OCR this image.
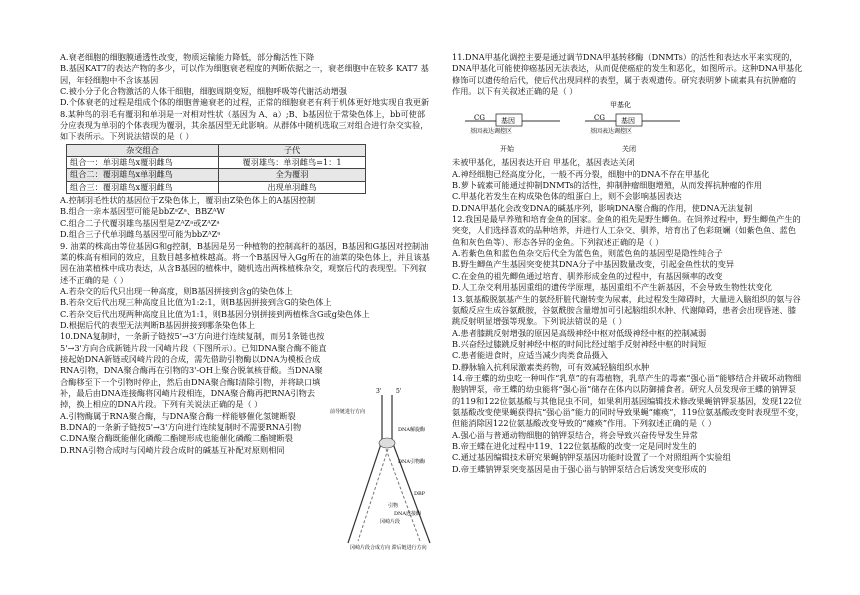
A.衰老细胞的细胞膜通透性改变，物质运输能力降低，部分酶活性下降

B.基因KAT7的表达产物的多少，可以作为细胞衰老程度的判断依据之一，衰老细胞中在较多 KAT7 基因，年轻细胞中不含该基因

C.被小分子化合物激活的人体干细胞，细胞周期变短，细胞呼吸等代谢活动增强

D.个体衰老的过程是组成个体的细胞普遍衰老的过程，正常的细胞衰老有利于机体更好地实现自我更新

8.某种鸟的羽毛有覆羽和单羽是一对相对性状（基因为 A、a）;B、b基因位于常染色体上，bb可使部分应表现为单羽的个体表现为覆羽，其余基因型无此影响。从群体中随机选取三对组合进行杂交实验，如下表所示。下列说法错误的是（ ）

杂交组合	子代
组合一：单羽雄鸟x覆羽雌鸟	覆羽雄鸟：单羽雌鸟=1：1
组合二：覆羽雄鸟x单羽雌鸟	全为覆羽
组合三：覆羽雄鸟x覆羽雌鸟	出现单羽雌鸟

A.控制羽毛性状的基因位于Z染色体上，覆羽由Z染色体上的A基因控制

B.组合一亲本基因型可能是bbZᵃZᵃ、BBZᴬW

C.组合二子代覆羽雄鸟基因型是ZᴬZᵃ或ZᴬZᵃ

D.组合三子代单羽雌鸟基因型可能为bbZᴬZᵃ

9. 油菜的株高由等位基因G和g控制，B基因是另一种植物的控制高秆的基因，B基因和G基因对控制油菜的株高有相同的效应，且数目越多植株越高。将一个B基因导入Gg所在的油菜的染色体上，并且该基因在油菜植株中成功表达，从含B基因的植株中，随机选出两株植株杂交，观察后代的表现型。下列叙述不正确的是（ ）

A.若杂交的后代只出现一种高度，则B基因拼接到含g的染色体上

B.若杂交后代出现三种高度且比值为1:2:1，则B基因拼接到含G的染色体上

C.若杂交后代出现两种高度且比值为1:1，则B基因分别拼接到两植株含G或g染色体上

D.根据后代的表型无法判断B基因拼接到哪条染色体上

10.DNA复制时，一条新子链按5'→3'方向进行连续复制，而另1条链也按5'→3'方向合成新链片段一冈崎片段（下图所示）。已知DNA聚合酶不能直接起始DNA新链或冈崎片段的合成，需先借助引物酶以DNA为模板合成RNA引物，DNA聚合酶再在引物的3'-OH上聚合脱氧核苷酸。当DNA聚合酶移至下一个引物时停止，然后由DNA聚合酶I清除引物，并将缺口填补，最后由DNA连接酶将冈崎片段相连，DNA聚合酶再把RNA引物去掉，换上相应的DNA片段。下列有关说法正确的是（ ）

A.引物酶属于RNA聚合酶，与DNA聚合酶一样能够催化氢键断裂

B.DNA的一条新子链按5'→3'方向进行连续复制时不需要RNA引物

C.DNA聚合酶既能催化磷酸二酯键形成也能催化磷酸二酯键断裂

D.RNA引物合成时与冈崎片段合成时的碱基互补配对原则相同

3' 5'
DNA解旋酶
DNA引物酶
DBP
冈崎片段
引物
DNA连接酶
前导链进行方向
冈崎片段合成方向 滞后链进行方向

11.DNA甲基化调控主要是通过调节DNA甲基转移酶（DNMTs）的活性和表达水平来实现的，DNA甲基化可能使抑癌基因无法表达，从而促使癌症的发生和恶化，如图所示。这种DNA甲基化修饰可以遗传给后代，使后代出现同样的表型，属于表观遗传。研究表明萝卜硫素具有抗肿瘤的作用。以下有关叙述正确的是（ ）

甲基化
CG 基因
基因表达调控区
开始
CG 基因
基因表达调控区
关闭

未被甲基化，基因表达开启 甲基化，基因表达关闭

A.神经细胞已经高度分化，一般不再分裂，细胞中的DNA不存在甲基化

B.萝卜硫素可能通过抑制DNMTs的活性，抑制肿瘤细胞增殖，从而发挥抗肿瘤的作用

C.甲基化若发生在构成染色体的组蛋白上，则不会影响基因表达

D.DNA甲基化会改变DNA的碱基序列，影响DNA聚合酶的作用，使DNA无法复制

12.我国是最早养殖和培育金鱼的国家。金鱼的祖先是野生鲫鱼。在饲养过程中，野生鲫鱼产生的突变，人们选择喜欢的品种培养，并进行人工杂交、驯养，培育出了色彩斑斓（如紫色鱼、蓝色鱼和灰色鱼等）、形态各异的金鱼。下列叙述正确的是（ ）

A.若紫色鱼和蓝色鱼杂交后代全为蓝色鱼，则蓝色鱼的基因型是隐性纯合子

B.野生鲫鱼产生基因突变使其DNA分子中基因数量改变，引起金鱼性状的变异

C.在金鱼的祖先鲫鱼通过培育、驯养形成金鱼的过程中，有基因频率的改变

D.人工杂交利用基因重组的遗传学原理，基因重组不产生新基因，不会导致生物性状变化

13.氨基酸脱氨基产生的氨经肝脏代谢转变为尿素，此过程发生障碍时，大量进入脑组织的氨与谷氨酸反应生成谷氨酰胺，谷氨酰胺含量增加可引起脑组织水肿、代谢障碍，患者会出现昏迷、膝跳反射明显增强等现象。下列说法错误的是（ ）

A.患者膝跳反射增强的原因是高级神经中枢对低级神经中枢的控制减弱

B.兴奋经过膝跳反射神经中枢的时间比经过缩手反射神经中枢的时间短

C.患者能进食时，应适当减少肉类食品摄入

D.静脉输入抗利尿激素类药物，可有效减轻脑组织水肿

14.帝王蝶的幼虫吃一种叫作“乳草”的有毒植物，乳草产生的毒素“强心甾”能够结合并破坏动物细胞钠钾泵，帝王蝶的幼虫能将“强心甾”储存在体内以防御捕食者。研究人员发现帝王蝶的钠钾泵的119和122位氨基酸与其他昆虫不同，如果利用基因编辑技术修改果蝇钠钾泵基因，发现122位氨基酸改变使果蝇获得抗“强心甾”能力的同时导致果蝇“瘫痪”，119位氨基酸改变时表现型不变，但能消除因122位氨基酸改变导致的“瘫痪”作用。下列叙述正确的是（ ）

A.强心甾与普通动物细胞的钠钾泵结合，将会导致兴奋传导发生异常

B.帝王蝶在进化过程中119、122位氨基酸的改变一定是同时发生的

C.通过基因编辑技术研究果蝇钠钾泵基因功能时设置了一个对照组两个实验组

D.帝王蝶钠钾泵突变基因是由于强心甾与钠钾泵结合后诱发突变形成的
